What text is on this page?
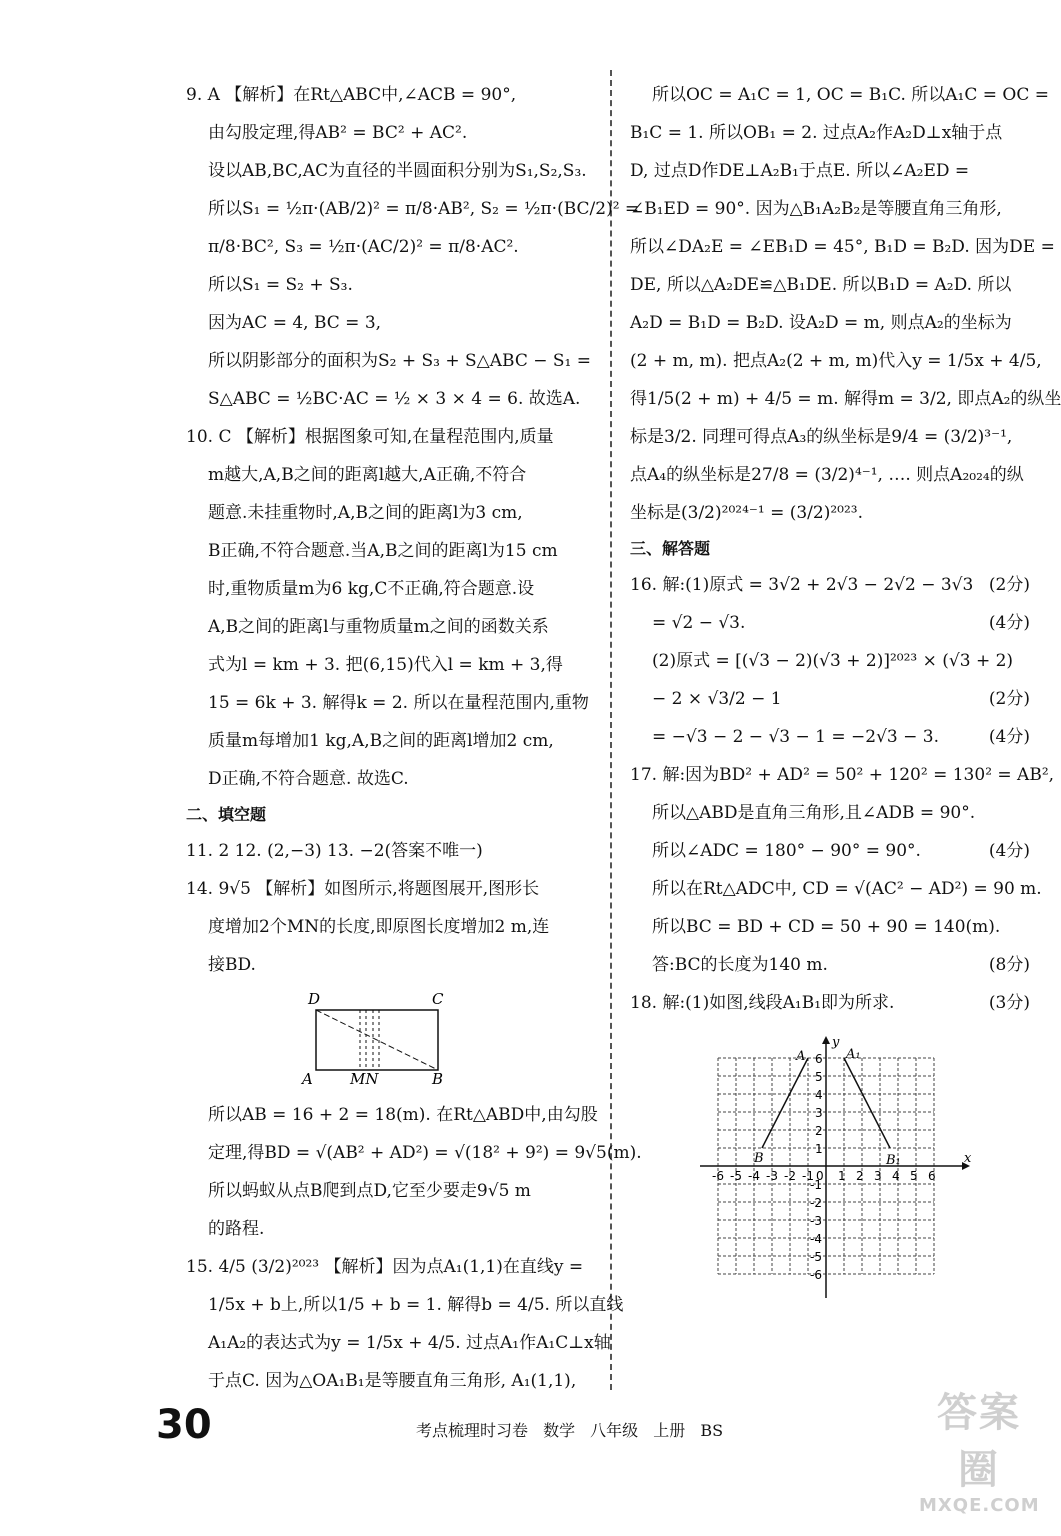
9. A 【解析】在Rt△ABC中,∠ACB = 90°,
由勾股定理,得AB² = BC² + AC².
设以AB,BC,AC为直径的半圆面积分别为S₁,S₂,S₃.
所以S₁ = ½π·(AB/2)² = π/8·AB², S₂ = ½π·(BC/2)² =
π/8·BC², S₃ = ½π·(AC/2)² = π/8·AC².
所以S₁ = S₂ + S₃.
因为AC = 4, BC = 3,
所以阴影部分的面积为S₂ + S₃ + S△ABC − S₁ =
S△ABC = ½BC·AC = ½ × 3 × 4 = 6. 故选A.
10. C 【解析】根据图象可知,在量程范围内,质量
m越大,A,B之间的距离l越大,A正确,不符合
题意.未挂重物时,A,B之间的距离l为3 cm,
B正确,不符合题意.当A,B之间的距离l为15 cm
时,重物质量m为6 kg,C不正确,符合题意.设
A,B之间的距离l与重物质量m之间的函数关系
式为l = km + 3. 把(6,15)代入l = km + 3,得
15 = 6k + 3. 解得k = 2. 所以在量程范围内,重物
质量m每增加1 kg,A,B之间的距离l增加2 cm,
D正确,不符合题意. 故选C.
二、填空题
11. 2 12. (2,−3) 13. −2(答案不唯一)
14. 9√5 【解析】如图所示,将题图展开,图形长
度增加2个MN的长度,即原图长度增加2 m,连
接BD.
D	C
A MN	B
所以AB = 16 + 2 = 18(m). 在Rt△ABD中,由勾股
定理,得BD = √(AB² + AD²) = √(18² + 9²) = 9√5(m).
所以蚂蚁从点B爬到点D,它至少要走9√5 m
的路程.
15. 4/5 (3/2)²⁰²³ 【解析】因为点A₁(1,1)在直线y =
1/5x + b上,所以1/5 + b = 1. 解得b = 4/5. 所以直线
A₁A₂的表达式为y = 1/5x + 4/5. 过点A₁作A₁C⊥x轴
于点C. 因为△OA₁B₁是等腰直角三角形, A₁(1,1),
所以OC = A₁C = 1, OC = B₁C. 所以A₁C = OC =
B₁C = 1. 所以OB₁ = 2. 过点A₂作A₂D⊥x轴于点
D, 过点D作DE⊥A₂B₁于点E. 所以∠A₂ED =
∠B₁ED = 90°. 因为△B₁A₂B₂是等腰直角三角形,
所以∠DA₂E = ∠EB₁D = 45°, B₁D = B₂D. 因为DE =
DE, 所以△A₂DE≌△B₁DE. 所以B₁D = A₂D. 所以
A₂D = B₁D = B₂D. 设A₂D = m, 则点A₂的坐标为
(2 + m, m). 把点A₂(2 + m, m)代入y = 1/5x + 4/5,
得1/5(2 + m) + 4/5 = m. 解得m = 3/2, 即点A₂的纵坐
标是3/2. 同理可得点A₃的纵坐标是9/4 = (3/2)³⁻¹,
点A₄的纵坐标是27/8 = (3/2)⁴⁻¹, …. 则点A₂₀₂₄的纵
坐标是(3/2)²⁰²⁴⁻¹ = (3/2)²⁰²³.
三、解答题
16. 解:(1)原式 = 3√2 + 2√3 − 2√2 − 3√3 (2分)
= √2 − √3.	(4分)
(2)原式 = [(√3 − 2)(√3 + 2)]²⁰²³ × (√3 + 2)
− 2 × √3/2 − 1	(2分)
= −√3 − 2 − √3 − 1 = −2√3 − 3.	(4分)
17. 解:因为BD² + AD² = 50² + 120² = 130² = AB²,
所以△ABD是直角三角形,且∠ADB = 90°.
(4分)
所以∠ADC = 180° − 90° = 90°.
所以在Rt△ADC中, CD = √(AC² − AD²) = 90 m.
所以BC = BD + CD = 50 + 90 = 140(m).
答:BC的长度为140 m.	(8分)
18. 解:(1)如图,线段A₁B₁即为所求.	(3分)
x
y
0
-6 -5 -4 -3 -2 -1 1 2 3 4 5 6
6
5
4
3
2
1
-1
-2
-3
-4
-5
-6
A
B
A₁
B₁
30	考点梳理时习卷 数学 八年级 上册 BS	答案圈
MXQE.COM
